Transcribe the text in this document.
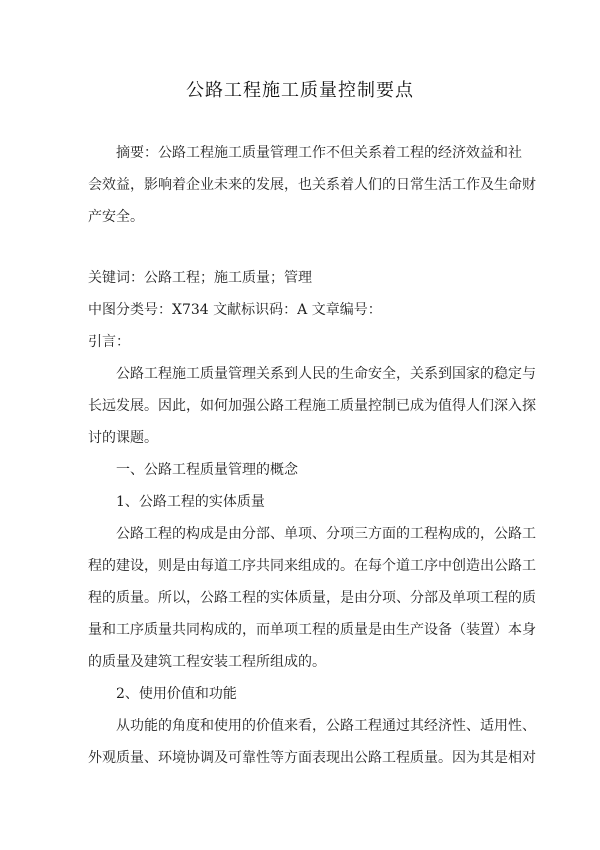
公路工程施工质量控制要点
摘要：公路工程施工质量管理工作不但关系着工程的经济效益和社
会效益，影响着企业未来的发展，也关系着人们的日常生活工作及生命财
产安全。
关键词：公路工程；施工质量；管理
中图分类号：X734 文献标识码：A 文章编号：
引言：
公路工程施工质量管理关系到人民的生命安全，关系到国家的稳定与
长远发展。因此，如何加强公路工程施工质量控制已成为值得人们深入探
讨的课题。
一、公路工程质量管理的概念
1、公路工程的实体质量
公路工程的构成是由分部、单项、分项三方面的工程构成的，公路工
程的建设，则是由每道工序共同来组成的。在每个道工序中创造出公路工
程的质量。所以，公路工程的实体质量，是由分项、分部及单项工程的质
量和工序质量共同构成的，而单项工程的质量是由生产设备（装置）本身
的质量及建筑工程安装工程所组成的。
2、使用价值和功能
从功能的角度和使用的价值来看，公路工程通过其经济性、适用性、
外观质量、环境协调及可靠性等方面表现出公路工程质量。因为其是相对
